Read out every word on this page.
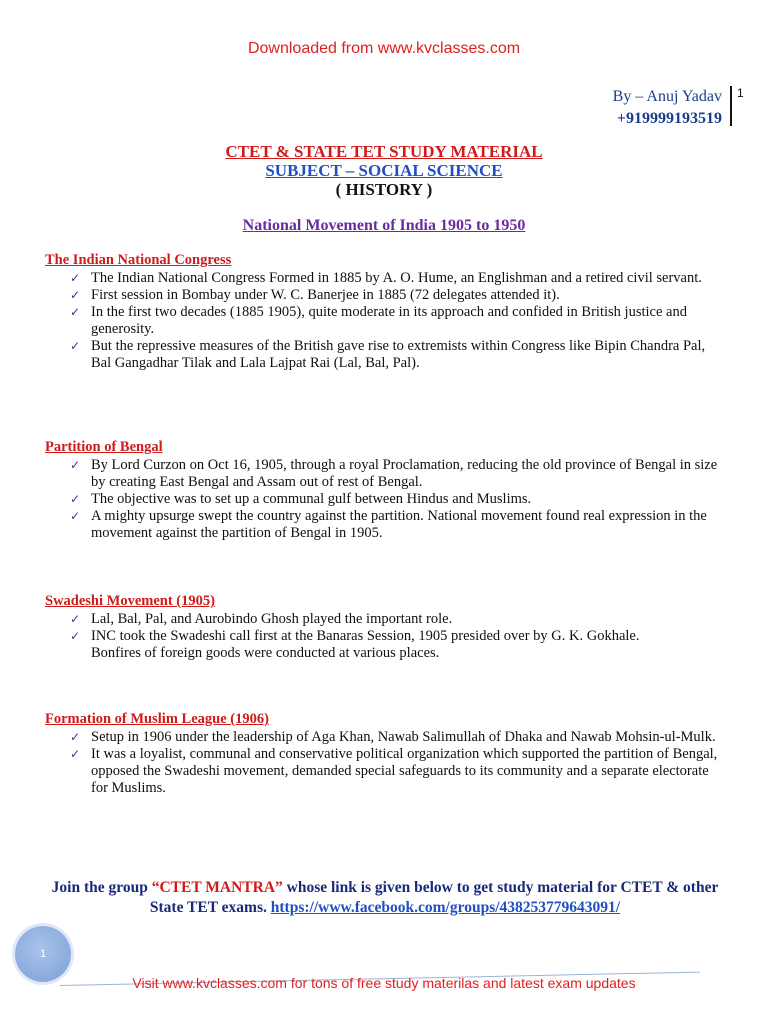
Downloaded from www.kvclasses.com
By – Anuj Yadav
+919999193519
1
CTET & STATE TET STUDY MATERIAL
SUBJECT – SOCIAL SCIENCE
( HISTORY )
National Movement of India 1905 to 1950
The Indian National Congress
✓ The Indian National Congress Formed in 1885 by A. O. Hume, an Englishman and a retired civil servant.
✓ First session in Bombay under W. C. Banerjee in 1885 (72 delegates attended it).
✓ In the first two decades (1885 1905), quite moderate in its approach and confided in British justice and generosity.
✓ But the repressive measures of the British gave rise to extremists within Congress like Bipin Chandra Pal, Bal Gangadhar Tilak and Lala Lajpat Rai (Lal, Bal, Pal).
Partition of Bengal
✓ By Lord Curzon on Oct 16, 1905, through a royal Proclamation, reducing the old province of Bengal in size by creating East Bengal and Assam out of rest of Bengal.
✓ The objective was to set up a communal gulf between Hindus and Muslims.
✓ A mighty upsurge swept the country against the partition. National movement found real expression in the movement against the partition of Bengal in 1905.
Swadeshi Movement (1905)
✓ Lal, Bal, Pal, and Aurobindo Ghosh played the important role.
✓ INC took the Swadeshi call first at the Banaras Session, 1905 presided over by G. K. Gokhale.
Bonfires of foreign goods were conducted at various places.
Formation of Muslim League (1906)
✓ Setup in 1906 under the leadership of Aga Khan, Nawab Salimullah of Dhaka and Nawab Mohsin-ul-Mulk.
✓ It was a loyalist, communal and conservative political organization which supported the partition of Bengal, opposed the Swadeshi movement, demanded special safeguards to its community and a separate electorate for Muslims.
Join the group “CTET MANTRA” whose link is given below to get study material for CTET & other State TET exams. https://www.facebook.com/groups/438253779643091/
1
Visit www.kvclasses.com for tons of free study materilas and latest exam updates
